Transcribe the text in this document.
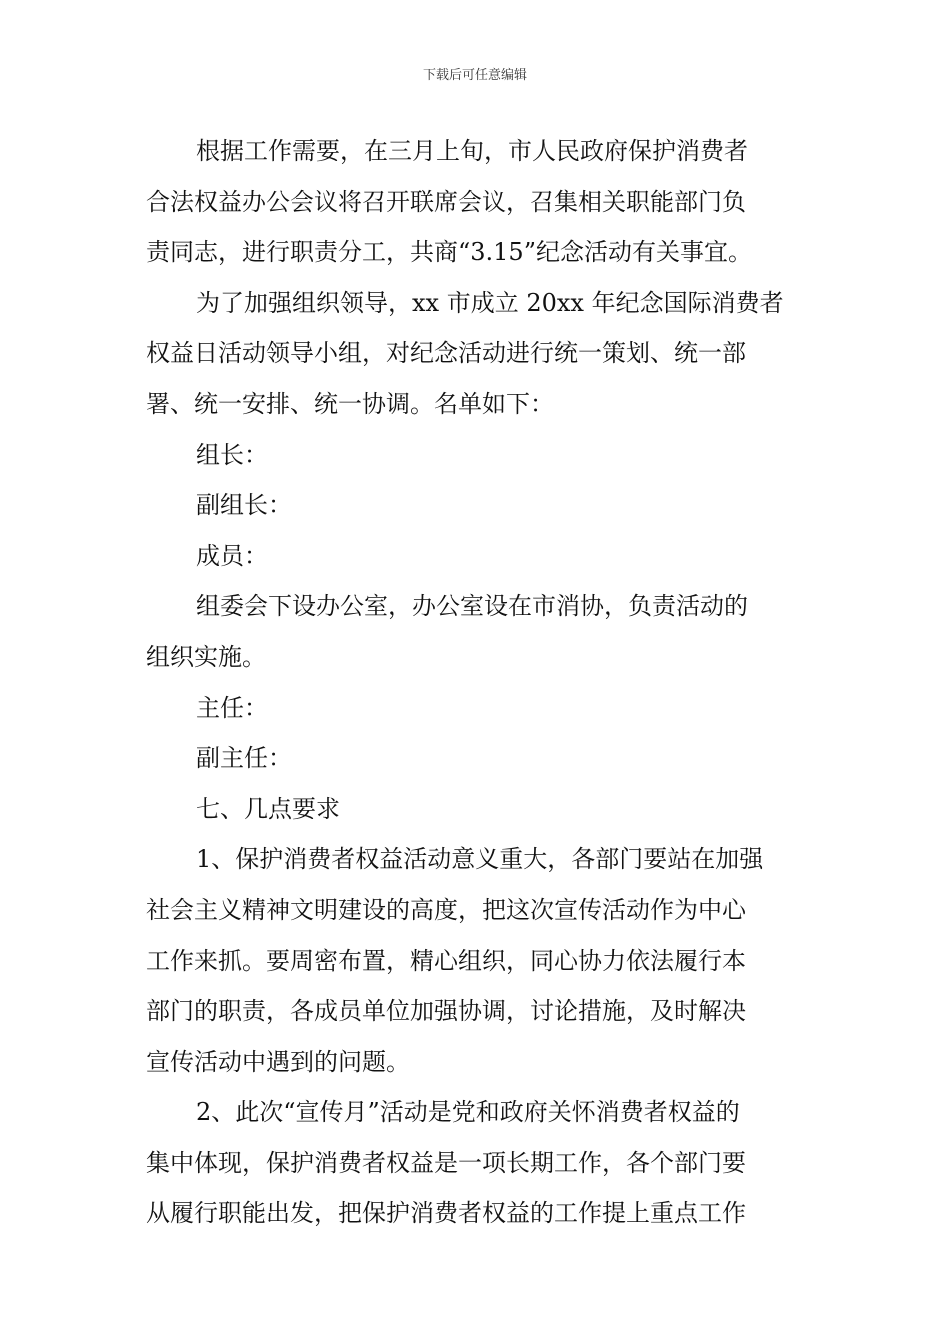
下载后可任意编辑
根据工作需要，在三月上旬，市人民政府保护消费者
合法权益办公会议将召开联席会议，召集相关职能部门负
责同志，进行职责分工，共商“3.15”纪念活动有关事宜。
为了加强组织领导，xx 市成立 20xx 年纪念国际消费者
权益日活动领导小组，对纪念活动进行统一策划、统一部
署、统一安排、统一协调。名单如下：
组长：
副组长：
成员：
组委会下设办公室，办公室设在市消协，负责活动的
组织实施。
主任：
副主任：
七、几点要求
1、保护消费者权益活动意义重大，各部门要站在加强
社会主义精神文明建设的高度，把这次宣传活动作为中心
工作来抓。要周密布置，精心组织，同心协力依法履行本
部门的职责，各成员单位加强协调，讨论措施，及时解决
宣传活动中遇到的问题。
2、此次“宣传月”活动是党和政府关怀消费者权益的
集中体现，保护消费者权益是一项长期工作，各个部门要
从履行职能出发，把保护消费者权益的工作提上重点工作
